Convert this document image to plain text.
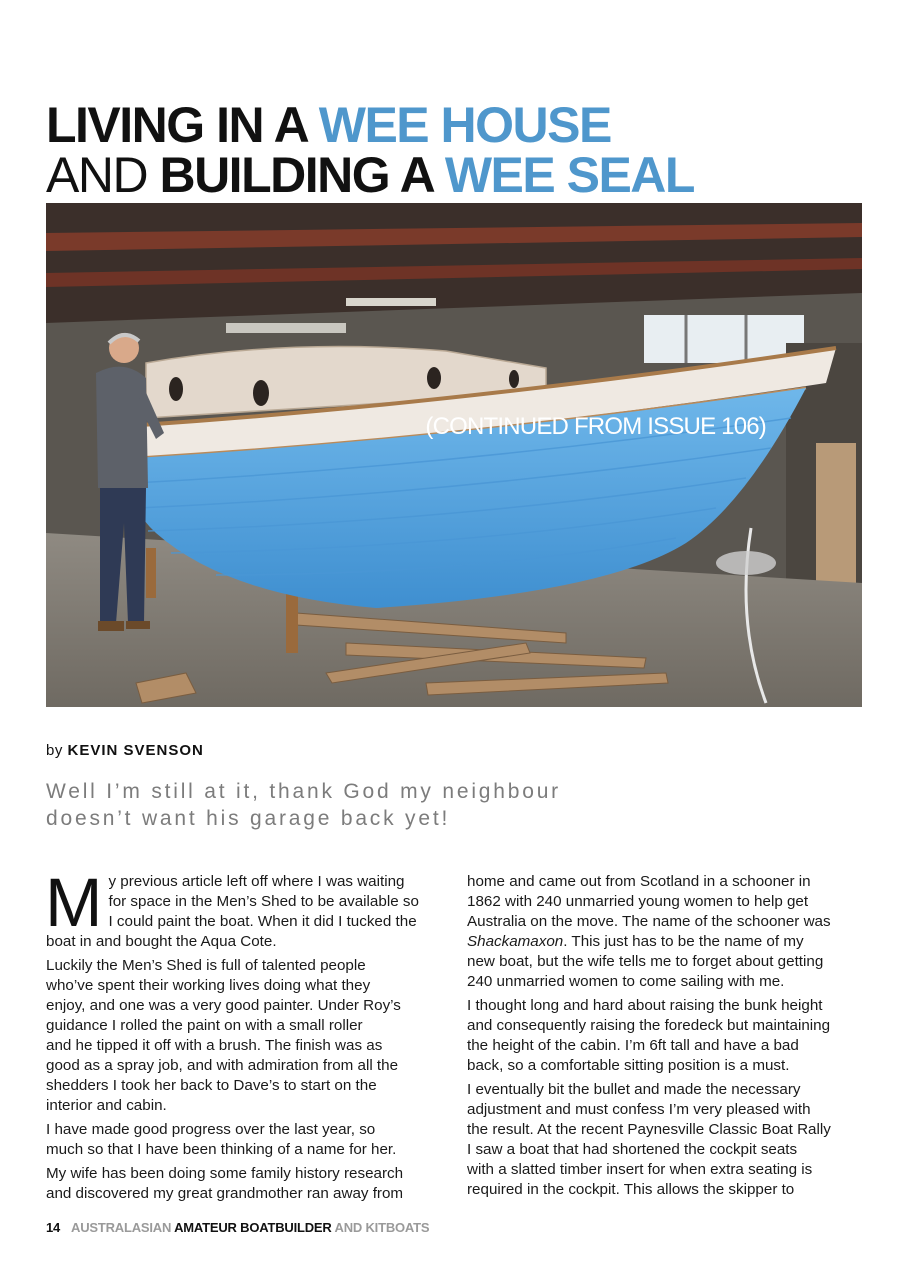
LIVING IN A WEE HOUSE
AND BUILDING A WEE SEAL
(CONTINUED FROM ISSUE 106)
by KEVIN SVENSON
Well I’m still at it, thank God my neighbour
doesn’t want his garage back yet!

M y previous article left off where I was waiting
for space in the Men’s Shed to be available so
I could paint the boat. When it did I tucked the
boat in and bought the Aqua Cote.

Luckily the Men’s Shed is full of talented people
who’ve spent their working lives doing what they
enjoy, and one was a very good painter. Under Roy’s
guidance I rolled the paint on with a small roller
and he tipped it off with a brush. The finish was as
good as a spray job, and with admiration from all the
shedders I took her back to Dave’s to start on the
interior and cabin.

I have made good progress over the last year, so
much so that I have been thinking of a name for her.

My wife has been doing some family history research
and discovered my great grandmother ran away from

home and came out from Scotland in a schooner in
1862 with 240 unmarried young women to help get
Australia on the move. The name of the schooner was
Shackamaxon. This just has to be the name of my
new boat, but the wife tells me to forget about getting
240 unmarried women to come sailing with me.

I thought long and hard about raising the bunk height
and consequently raising the foredeck but maintaining
the height of the cabin. I’m 6ft tall and have a bad
back, so a comfortable sitting position is a must.

I eventually bit the bullet and made the necessary
adjustment and must confess I’m very pleased with
the result. At the recent Paynesville Classic Boat Rally
I saw a boat that had shortened the cockpit seats
with a slatted timber insert for when extra seating is
required in the cockpit. This allows the skipper to

14 AUSTRALASIAN AMATEUR BOATBUILDER AND KITBOATS
